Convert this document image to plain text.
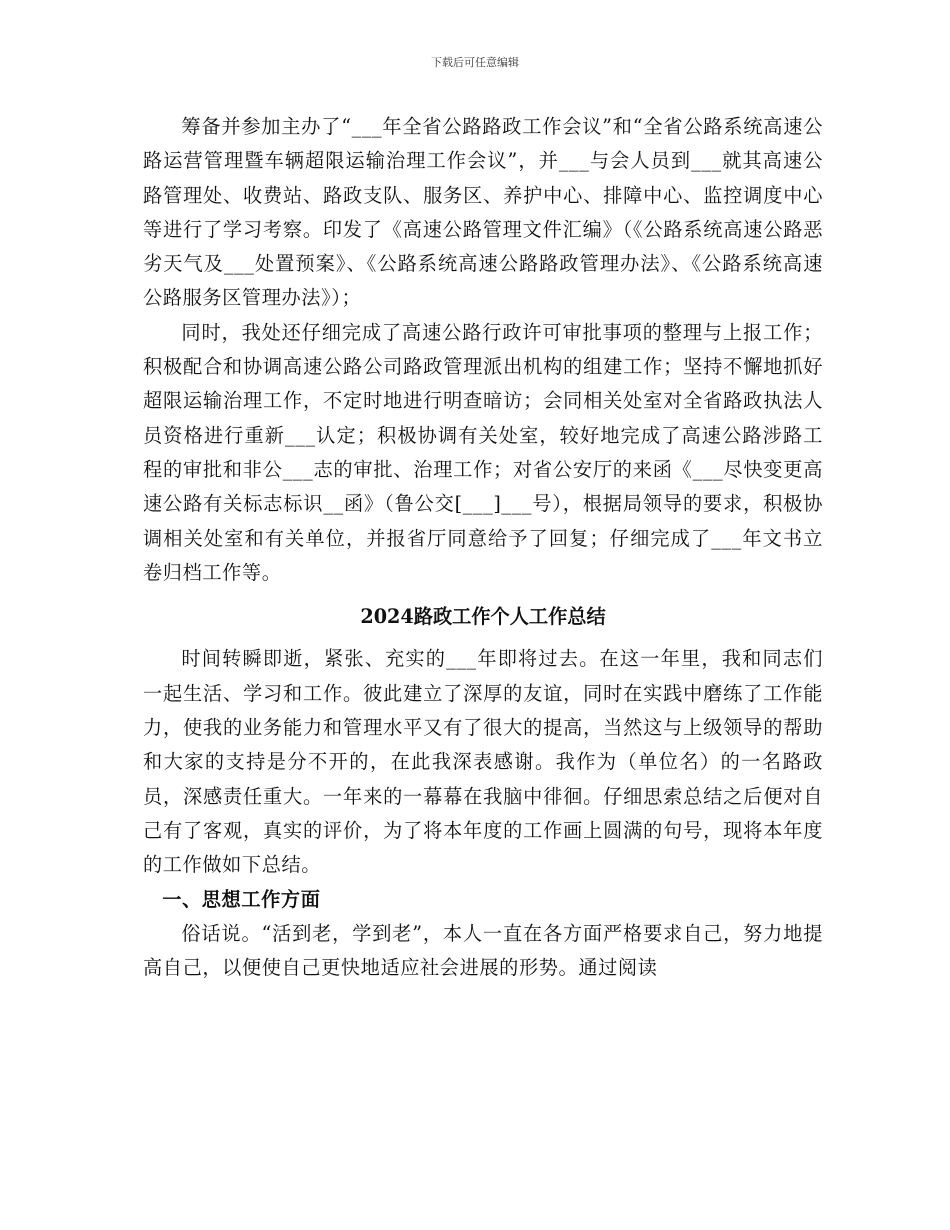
下载后可任意编辑

筹备并参加主办了“___年全省公路路政工作会议”和“全省公路系统高速公路运营管理暨车辆超限运输治理工作会议”，并___与会人员到___就其高速公路管理处、收费站、路政支队、服务区、养护中心、排障中心、监控调度中心等进行了学习考察。印发了《高速公路管理文件汇编》（《公路系统高速公路恶劣天气及___处置预案》、《公路系统高速公路路政管理办法》、《公路系统高速公路服务区管理办法》）；

同时，我处还仔细完成了高速公路行政许可审批事项的整理与上报工作；积极配合和协调高速公路公司路政管理派出机构的组建工作；坚持不懈地抓好超限运输治理工作，不定时地进行明查暗访；会同相关处室对全省路政执法人员资格进行重新___认定；积极协调有关处室，较好地完成了高速公路涉路工程的审批和非公___志的审批、治理工作；对省公安厅的来函《___尽快变更高速公路有关标志标识__函》（鲁公交[___]___号），根据局领导的要求，积极协调相关处室和有关单位，并报省厅同意给予了回复；仔细完成了___年文书立卷归档工作等。

2024路政工作个人工作总结

时间转瞬即逝，紧张、充实的___年即将过去。在这一年里，我和同志们一起生活、学习和工作。彼此建立了深厚的友谊，同时在实践中磨练了工作能力，使我的业务能力和管理水平又有了很大的提高，当然这与上级领导的帮助和大家的支持是分不开的，在此我深表感谢。我作为（单位名）的一名路政员，深感责任重大。一年来的一幕幕在我脑中徘徊。仔细思索总结之后便对自己有了客观，真实的评价，为了将本年度的工作画上圆满的句号，现将本年度的工作做如下总结。

一、思想工作方面

俗话说。“活到老，学到老”，本人一直在各方面严格要求自己，努力地提高自己，以便使自己更快地适应社会进展的形势。通过阅读
